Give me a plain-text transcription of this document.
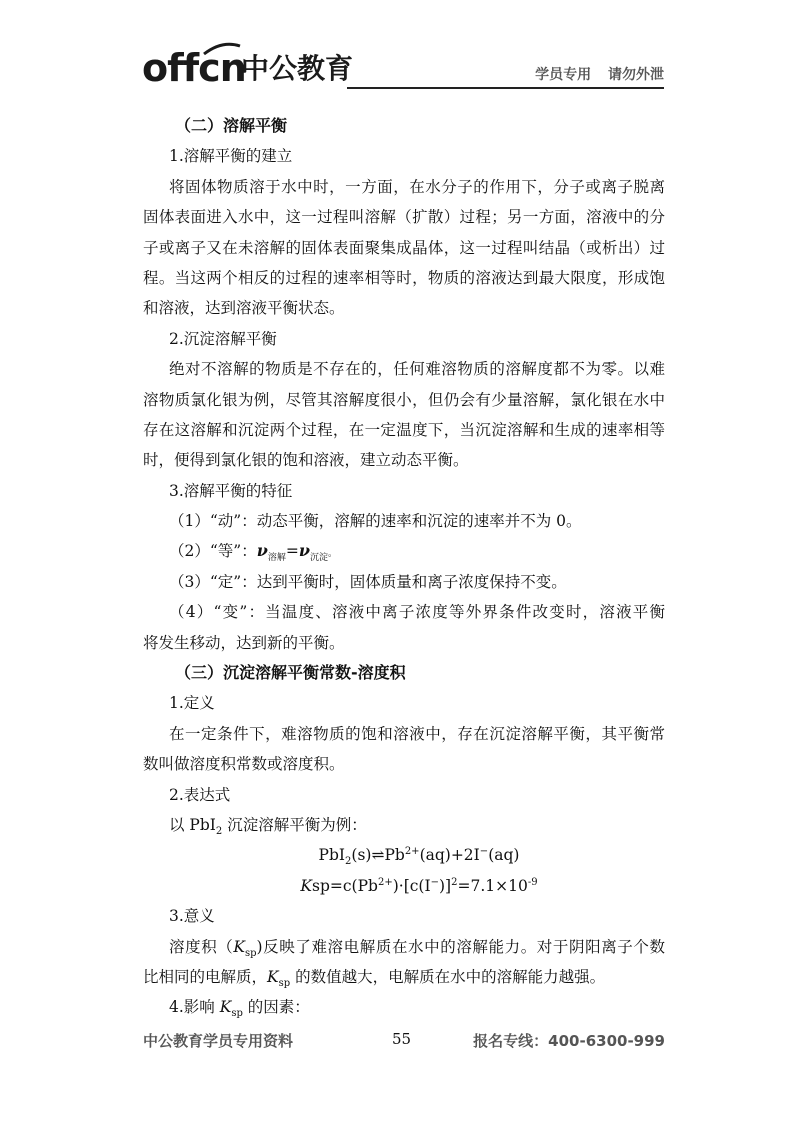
offcn
中公教育	学员专用 请勿外泄
（二）溶解平衡
1.溶解平衡的建立
将固体物质溶于水中时，一方面，在水分子的作用下，分子或离子脱离
固体表面进入水中，这一过程叫溶解（扩散）过程；另一方面，溶液中的分
子或离子又在未溶解的固体表面聚集成晶体，这一过程叫结晶（或析出）过
程。当这两个相反的过程的速率相等时，物质的溶液达到最大限度，形成饱
和溶液，达到溶液平衡状态。
2.沉淀溶解平衡
绝对不溶解的物质是不存在的，任何难溶物质的溶解度都不为零。以难
溶物质氯化银为例，尽管其溶解度很小，但仍会有少量溶解，氯化银在水中
存在这溶解和沉淀两个过程，在一定温度下，当沉淀溶解和生成的速率相等
时，便得到氯化银的饱和溶液，建立动态平衡。
3.溶解平衡的特征
（1）“动”：动态平衡，溶解的速率和沉淀的速率并不为 0。
（2）“等”：$\nu_{溶解}=\nu_{沉淀}$。
（3）“定”：达到平衡时，固体质量和离子浓度保持不变。
（4）“变”：当温度、溶液中离子浓度等外界条件改变时，溶液平衡
将发生移动，达到新的平衡。
（三）沉淀溶解平衡常数-溶度积
1.定义
在一定条件下，难溶物质的饱和溶液中，存在沉淀溶解平衡，其平衡常
数叫做溶度积常数或溶度积。
2.表达式
以 PbI$_2$ 沉淀溶解平衡为例：
$PbI_2(s)\rightleftharpoons Pb^{2+}(aq)+2I^-(aq)$
$Ksp=c(Pb^{2+})\cdot[c(I^-)]^2=7.1\times 10^{-9}$
3.意义
溶度积$(K_{sp})$反映了难溶电解质在水中的溶解能力。对于阴阳离子个数
比相同的电解质，$K_{sp}$ 的数值越大，电解质在水中的溶解能力越强。
4.影响 $K_{sp}$ 的因素：
中公教育学员专用资料	55	报名专线：400-6300-999
